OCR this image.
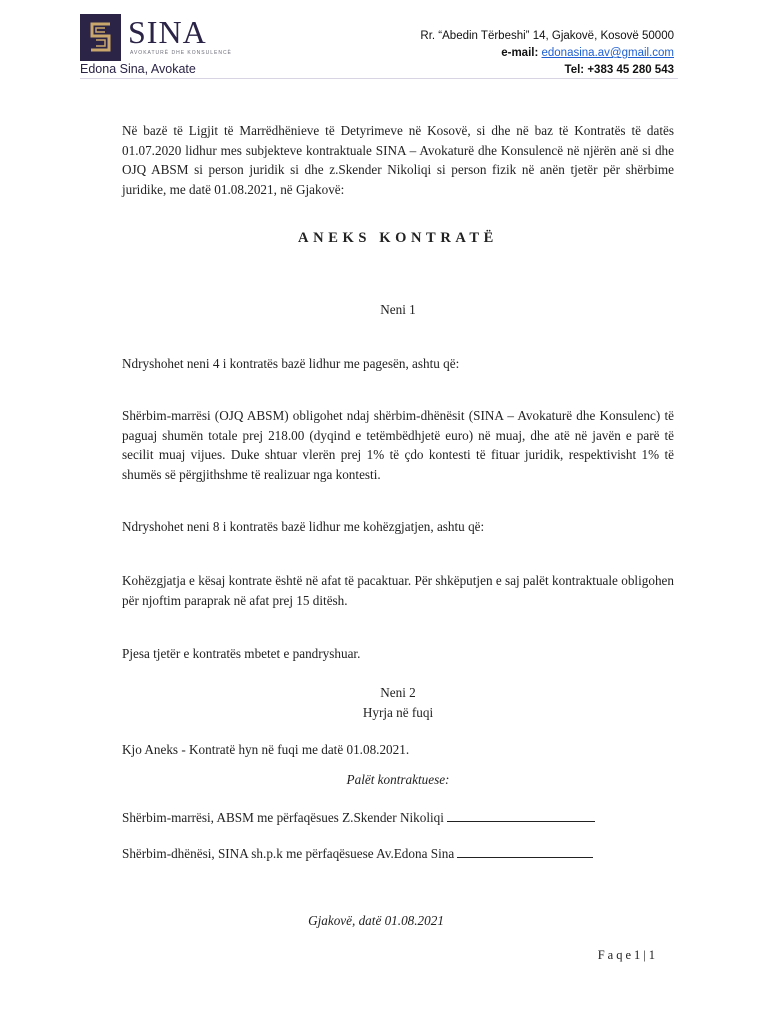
SINA
AVOKATURË DHE KONSULENCË
Edona Sina, Avokate
Rr. “Abedin Tërbeshi” 14, Gjakovë, Kosovë 50000
e-mail: edonasina.av@gmail.com
Tel: +383 45 280 543
Në bazë të Ligjit të Marrëdhënieve të Detyrimeve në Kosovë, si dhe në baz të Kontratës të datës 01.07.2020 lidhur mes subjekteve kontraktuale SINA – Avokaturë dhe Konsulencë në njërën anë si dhe OJQ ABSM si person juridik si dhe z.Skender Nikoliqi si person fizik në anën tjetër për shërbime juridike, me datë 01.08.2021, në Gjakovë:
ANEKS KONTRATË
Neni 1
Ndryshohet neni 4 i kontratës bazë lidhur me pagesën, ashtu që:
Shërbim-marrësi (OJQ ABSM) obligohet ndaj shërbim-dhënësit (SINA – Avokaturë dhe Konsulenc) të paguaj shumën totale prej 218.00 (dyqind e tetëmbëdhjetë euro) në muaj, dhe atë në javën e parë të secilit muaj vijues. Duke shtuar vlerën prej 1% të çdo kontesti të fituar juridik, respektivisht 1% të shumës së përgjithshme të realizuar nga kontesti.
Ndryshohet neni 8 i kontratës bazë lidhur me kohëzgjatjen, ashtu që:
Kohëzgjatja e kësaj kontrate është në afat të pacaktuar. Për shkëputjen e saj palët kontraktuale obligohen për njoftim paraprak në afat prej 15 ditësh.
Pjesa tjetër e kontratës mbetet e pandryshuar.
Neni 2
Hyrja në fuqi
Kjo Aneks - Kontratë hyn në fuqi me datë 01.08.2021.
Palët kontraktuese:
Shërbim-marrësi, ABSM me përfaqësues Z.Skender Nikoliqi
Shërbim-dhënësi, SINA sh.p.k me përfaqësuese Av.Edona Sina
Gjakovë, datë 01.08.2021
Faqe1|1
